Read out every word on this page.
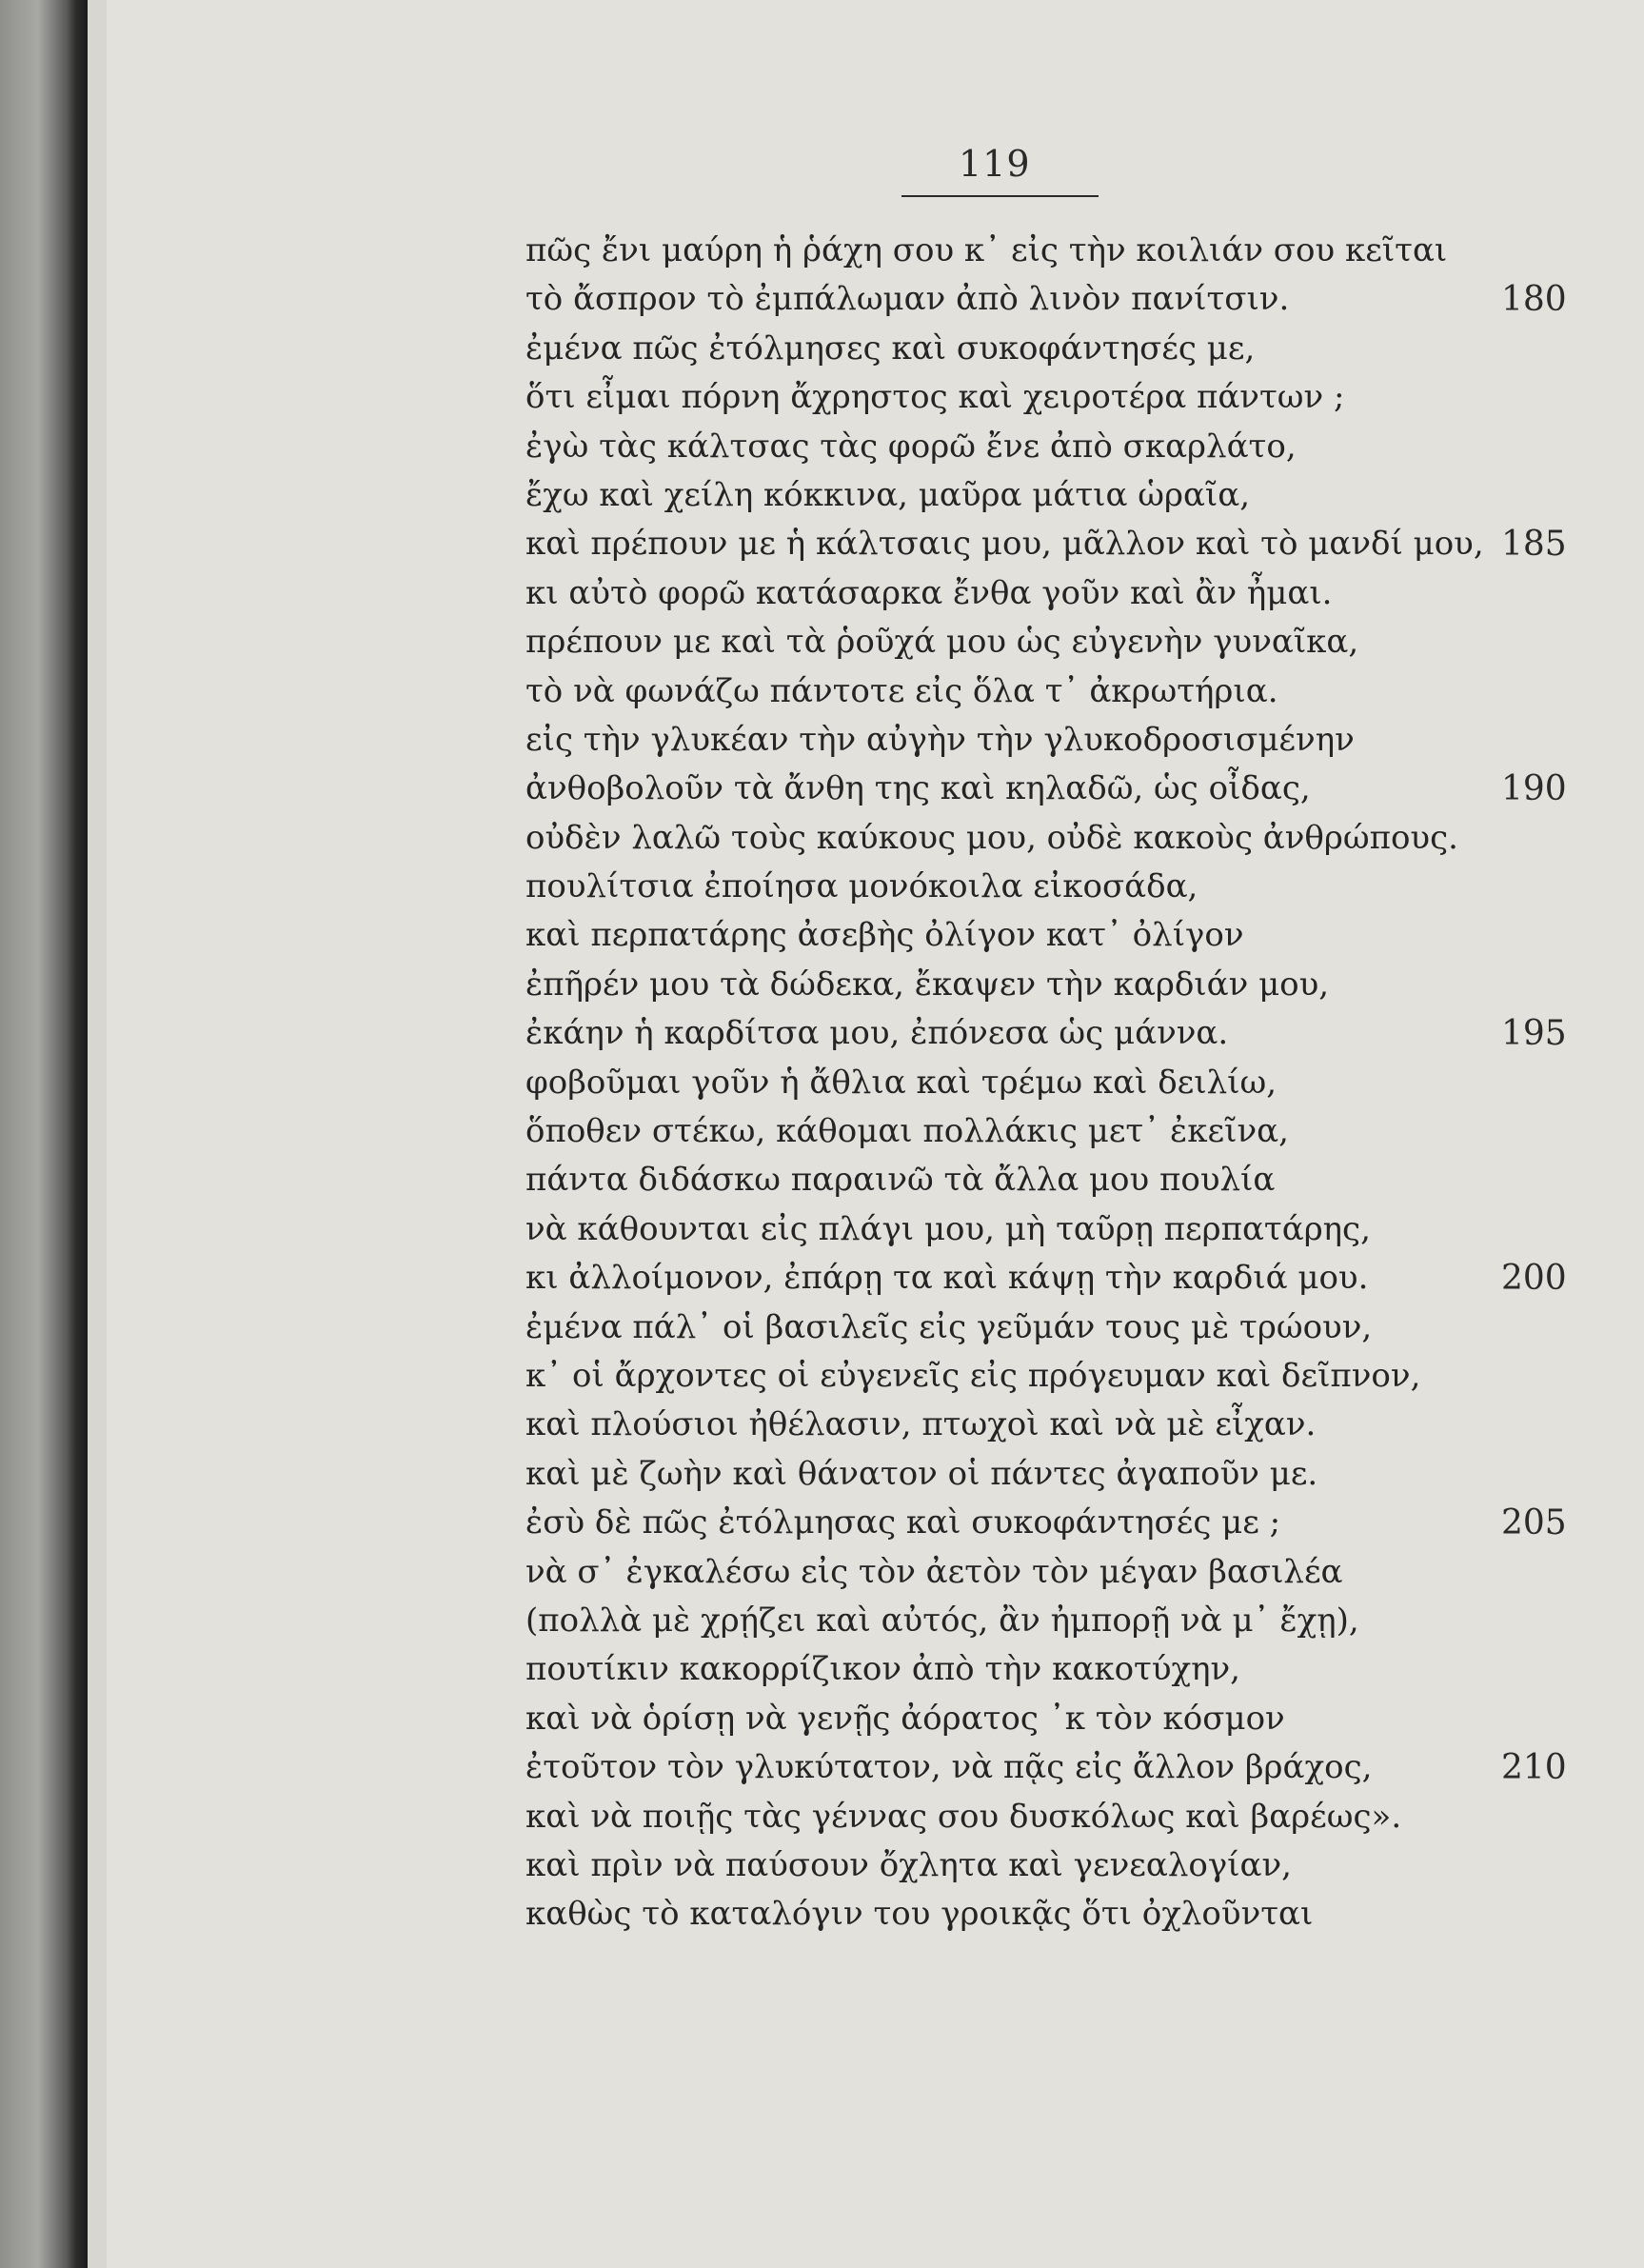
119
πῶς ἔνι μαύρη ἡ ῥάχη σου κ᾽ εἰς τὴν κοιλιάν σου κεῖται
τὸ ἄσπρον τὸ ἐμπάλωμαν ἀπὸ λινὸν πανίτσιν.	180
ἐμένα πῶς ἐτόλμησες καὶ συκοφάντησές με,
ὅτι εἶμαι πόρνη ἄχρηστος καὶ χειροτέρα πάντων ;
ἐγὼ τὰς κάλτσας τὰς φορῶ ἔνε ἀπὸ σκαρλάτο,
ἔχω καὶ χείλη κόκκινα, μαῦρα μάτια ὡραῖα,
καὶ πρέπουν με ἡ κάλτσαις μου, μᾶλλον καὶ τὸ μανδί μου, 185
κι αὐτὸ φορῶ κατάσαρκα ἔνθα γοῦν καὶ ἂν ἦμαι.
πρέπουν με καὶ τὰ ῥοῦχά μου ὡς εὐγενὴν γυναῖκα,
τὸ νὰ φωνάζω πάντοτε εἰς ὅλα τ᾽ ἀκρωτήρια.
εἰς τὴν γλυκέαν τὴν αὐγὴν τὴν γλυκοδροσισμένην
ἀνθοβολοῦν τὰ ἄνθη της καὶ κηλαδῶ, ὡς οἶδας,	190
οὐδὲν λαλῶ τοὺς καύκους μου, οὐδὲ κακοὺς ἀνθρώπους.
πουλίτσια ἐποίησα μονόκοιλα εἰκοσάδα,
καὶ περπατάρης ἀσεβὴς ὀλίγον κατ᾽ ὀλίγον
ἐπῆρέν μου τὰ δώδεκα, ἔκαψεν τὴν καρδιάν μου,
ἐκάην ἡ καρδίτσα μου, ἐπόνεσα ὡς μάννα.	195
φοβοῦμαι γοῦν ἡ ἄθλια καὶ τρέμω καὶ δειλίω,
ὅποθεν στέκω, κάθομαι πολλάκις μετ᾽ ἐκεῖνα,
πάντα διδάσκω παραινῶ τὰ ἄλλα μου πουλία
νὰ κάθουνται εἰς πλάγι μου, μὴ ταῦρῃ περπατάρης,
κι ἀλλοίμονον, ἐπάρῃ τα καὶ κάψῃ τὴν καρδιά μου.	200
ἐμένα πάλ᾽ οἱ βασιλεῖς εἰς γεῦμάν τους μὲ τρώουν,
κ᾽ οἱ ἄρχοντες οἱ εὐγενεῖς εἰς πρόγευμαν καὶ δεῖπνον,
καὶ πλούσιοι ἠθέλασιν, πτωχοὶ καὶ νὰ μὲ εἶχαν.
καὶ μὲ ζωὴν καὶ θάνατον οἱ πάντες ἀγαποῦν με.
ἐσὺ δὲ πῶς ἐτόλμησας καὶ συκοφάντησές με ;	205
νὰ σ᾽ ἐγκαλέσω εἰς τὸν ἀετὸν τὸν μέγαν βασιλέα
(πολλὰ μὲ χρῄζει καὶ αὐτός, ἂν ἠμπορῇ νὰ μ᾽ ἔχῃ),
πουτίκιν κακορρίζικον ἀπὸ τὴν κακοτύχην,
καὶ νὰ ὁρίσῃ νὰ γενῇς ἀόρατος ᾽κ τὸν κόσμον
ἐτοῦτον τὸν γλυκύτατον, νὰ πᾷς εἰς ἄλλον βράχος,	210
καὶ νὰ ποιῇς τὰς γέννας σου δυσκόλως καὶ βαρέως».
καὶ πρὶν νὰ παύσουν ὄχλητα καὶ γενεαλογίαν,
καθὼς τὸ καταλόγιν του γροικᾷς ὅτι ὀχλοῦνται
